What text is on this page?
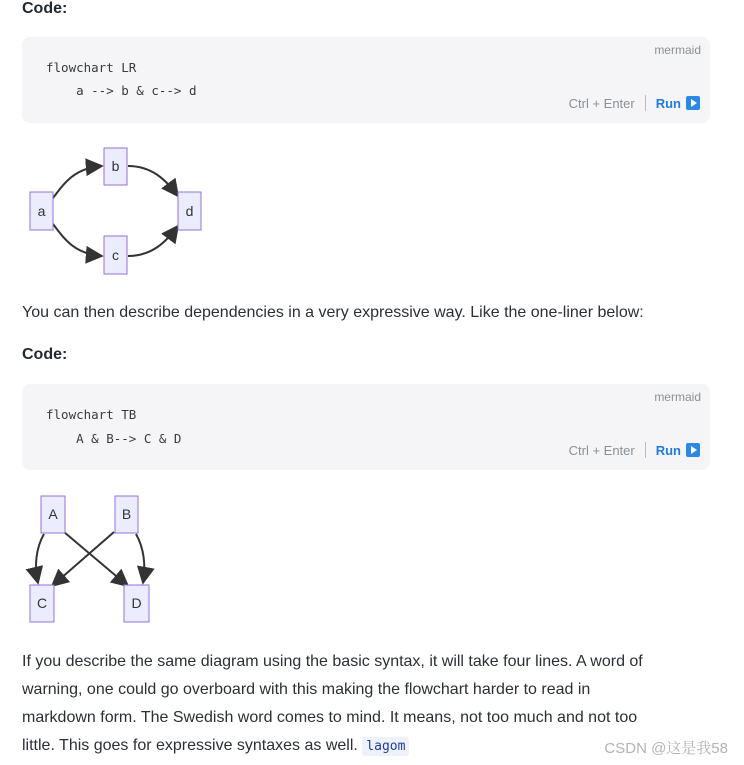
Code:
mermaid
flowchart LR
a --> b & c--> d
Ctrl + Enter Run
a
b
c
d
You can then describe dependencies in a very expressive way. Like the one-liner below:
Code:
mermaid
flowchart TB
A & B--> C & D
Ctrl + Enter Run
A	B
C	D
If you describe the same diagram using the basic syntax, it will take four lines. A word of
warning, one could go overboard with this making the flowchart harder to read in
markdown form. The Swedish word comes to mind. It means, not too much and not too
little. This goes for expressive syntaxes as well. lagom	CSDN @这是我58
